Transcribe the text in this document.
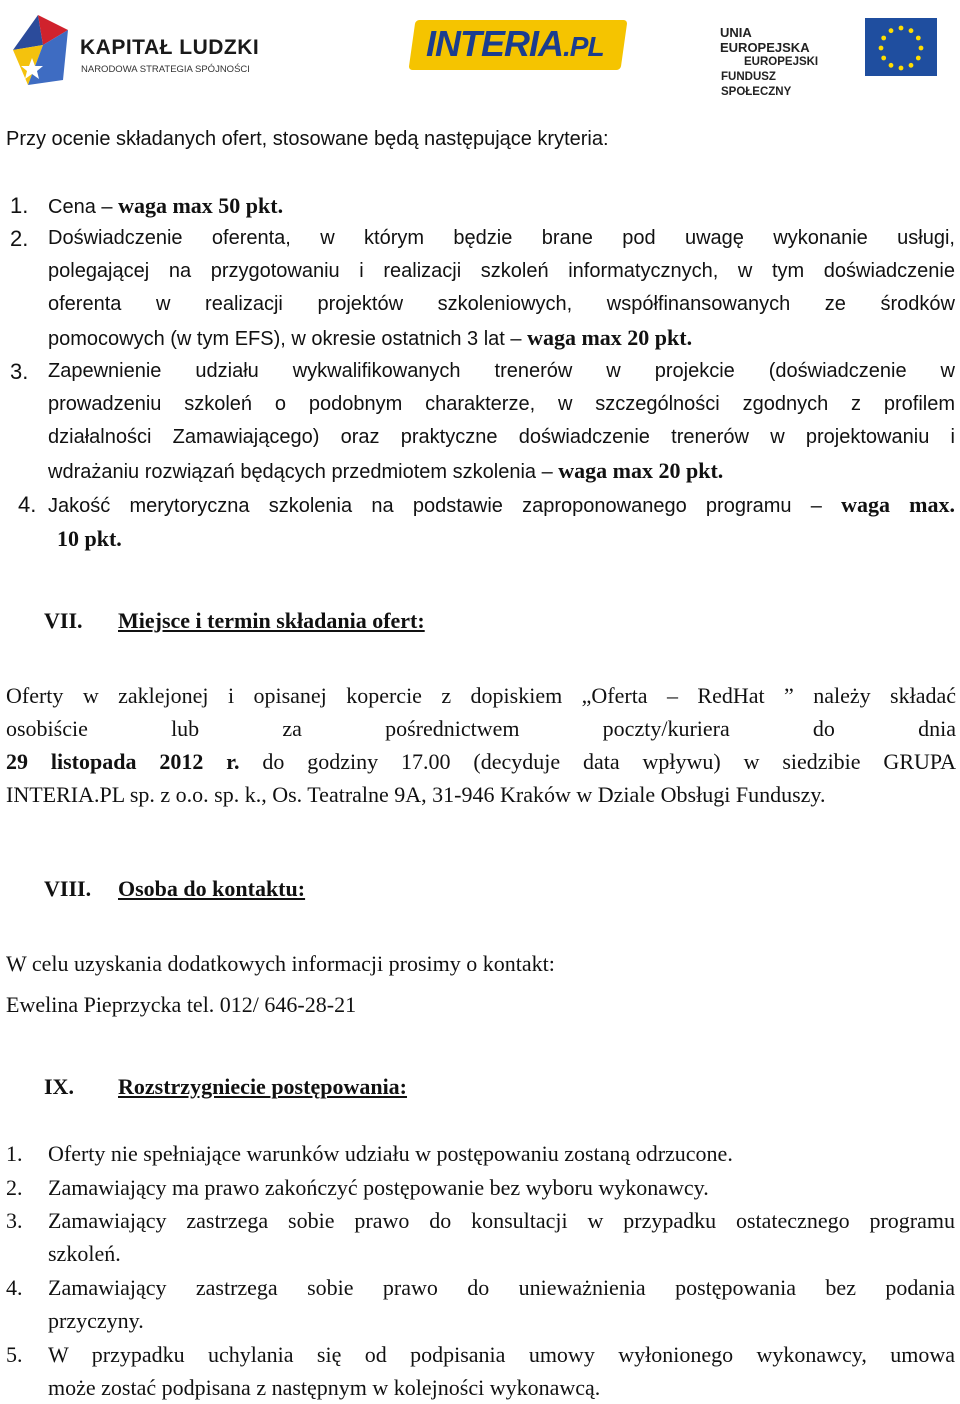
KAPITAŁ LUDZKI
NARODOWA STRATEGIA SPÓJNOŚCI
INTERIA.PL	UNIA EUROPEJSKA
EUROPEJSKI
FUNDUSZ SPOŁECZNY
Przy ocenie składanych ofert, stosowane będą następujące kryteria:
1. Cena – waga max 50 pkt.
2. Doświadczenie oferenta, w którym będzie brane pod uwagę wykonanie usługi,
polegającej na przygotowaniu i realizacji szkoleń informatycznych, w tym doświadczenie
oferenta w realizacji projektów szkoleniowych, współfinansowanych ze środków
pomocowych (w tym EFS), w okresie ostatnich 3 lat – waga max 20 pkt.
3. Zapewnienie udziału wykwalifikowanych trenerów w projekcie (doświadczenie w
prowadzeniu szkoleń o podobnym charakterze, w szczególności zgodnych z profilem
działalności Zamawiającego) oraz praktyczne doświadczenie trenerów w projektowaniu i
wdrażaniu rozwiązań będących przedmiotem szkolenia – waga max 20 pkt.
4. Jakość merytoryczna szkolenia na podstawie zaproponowanego programu – waga max.
10 pkt.
VII. Miejsce i termin składania ofert:
Oferty w zaklejonej i opisanej kopercie z dopiskiem „Oferta – RedHat ” należy składać
osobiście lub za pośrednictwem poczty/kuriera do dnia
29 listopada 2012 r. do godziny 17.00 (decyduje data wpływu) w siedzibie GRUPA
INTERIA.PL sp. z o.o. sp. k., Os. Teatralne 9A, 31-946 Kraków w Dziale Obsługi Funduszy.
VIII. Osoba do kontaktu:
W celu uzyskania dodatkowych informacji prosimy o kontakt:
Ewelina Pieprzycka tel. 012/ 646-28-21
IX. Rozstrzygniecie postępowania:
1. Oferty nie spełniające warunków udziału w postępowaniu zostaną odrzucone.
2. Zamawiający ma prawo zakończyć postępowanie bez wyboru wykonawcy.
3. Zamawiający zastrzega sobie prawo do konsultacji w przypadku ostatecznego programu
szkoleń.
4. Zamawiający zastrzega sobie prawo do unieważnienia postępowania bez podania
przyczyny.
5. W przypadku uchylania się od podpisania umowy wyłonionego wykonawcy, umowa
może zostać podpisana z następnym w kolejności wykonawcą.
